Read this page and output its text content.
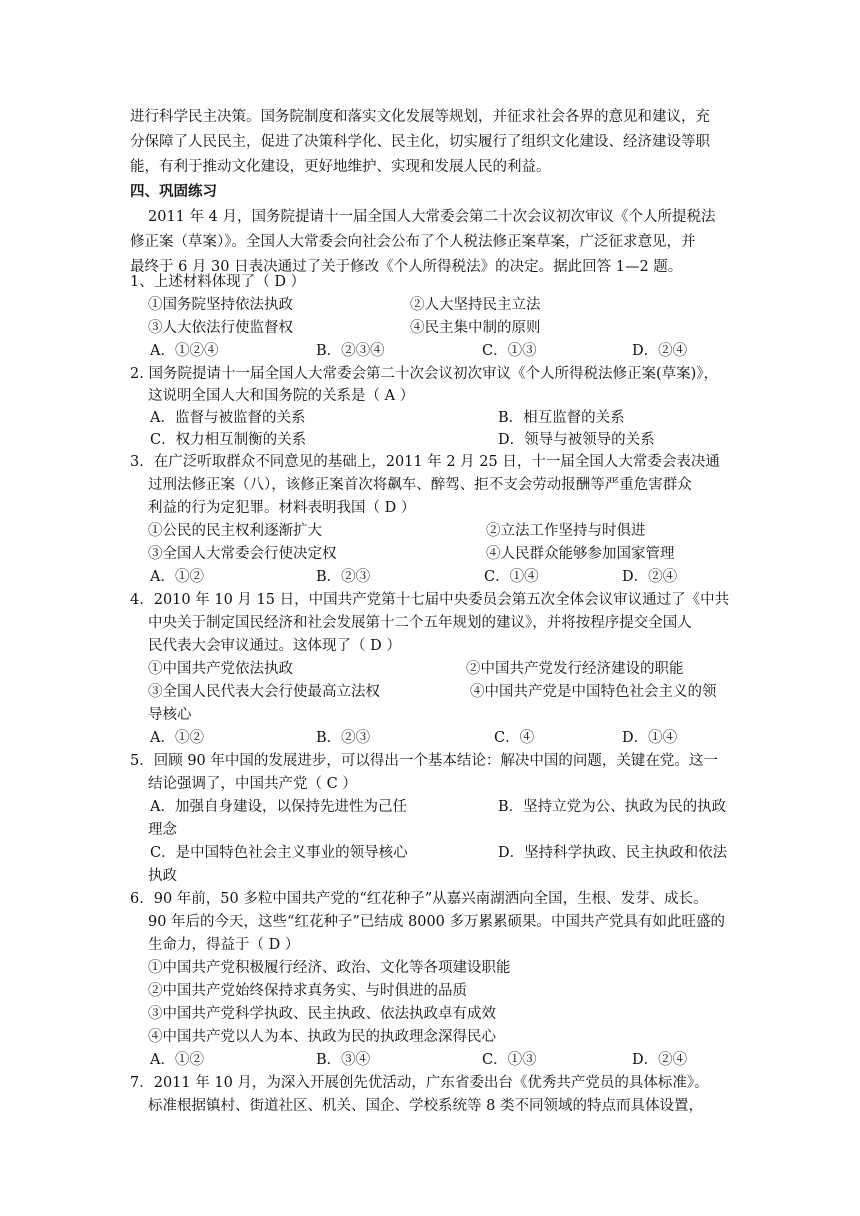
进行科学民主决策。国务院制度和落实文化发展等规划，并征求社会各界的意见和建议，充
分保障了人民民主，促进了决策科学化、民主化，切实履行了组织文化建设、经济建设等职
能，有利于推动文化建设，更好地维护、实现和发展人民的利益。
四、巩固练习
2011 年 4 月，国务院提请十一届全国人大常委会第二十次会议初次审议《个人所提税法
修正案（草案）》。全国人大常委会向社会公布了个人税法修正案草案，广泛征求意见，并
最终于 6 月 30 日表决通过了关于修改《个人所得税法》的决定。据此回答 1—2 题。
1、上述材料体现了（ D ）
①国务院坚持依法执政	②人大坚持民主立法
③人大依法行使监督权	④民主集中制的原则
A．①②④	B．②③④	C．①③	D．②④
2. 国务院提请十一届全国人大常委会第二十次会议初次审议《个人所得税法修正案(草案)》，
这说明全国人大和国务院的关系是（ A ）
A．监督与被监督的关系	B．相互监督的关系
C．权力相互制衡的关系	D．领导与被领导的关系
3．在广泛听取群众不同意见的基础上，2011 年 2 月 25 日，十一届全国人大常委会表决通
过刑法修正案（八），该修正案首次将飙车、醉驾、拒不支会劳动报酬等严重危害群众
利益的行为定犯罪。材料表明我国（ D ）
①公民的民主权利逐渐扩大	②立法工作坚持与时俱进
③全国人大常委会行使决定权	④人民群众能够参加国家管理
A．①②	B．②③	C．①④	D．②④
4．2010 年 10 月 15 日，中国共产党第十七届中央委员会第五次全体会议审议通过了《中共
中央关于制定国民经济和社会发展第十二个五年规划的建议》，并将按程序提交全国人
民代表大会审议通过。这体现了（ D ）
①中国共产党依法执政	②中国共产党发行经济建设的职能
③全国人民代表大会行使最高立法权	④中国共产党是中国特色社会主义的领
导核心
A．①②	B．②③	C．④	D．①④
5．回顾 90 年中国的发展进步，可以得出一个基本结论：解决中国的问题，关键在党。这一
结论强调了，中国共产党（ C ）
A．加强自身建设，以保持先进性为己任	B．坚持立党为公、执政为民的执政
理念
C．是中国特色社会主义事业的领导核心	D．坚持科学执政、民主执政和依法
执政
6．90 年前，50 多粒中国共产党的“红花种子”从嘉兴南湖洒向全国，生根、发芽、成长。
90 年后的今天，这些“红花种子”已结成 8000 多万累累硕果。中国共产党具有如此旺盛的
生命力，得益于（ D ）
①中国共产党积极履行经济、政治、文化等各项建设职能
②中国共产党始终保持求真务实、与时俱进的品质
③中国共产党科学执政、民主执政、依法执政卓有成效
④中国共产党以人为本、执政为民的执政理念深得民心
A．①②	B．③④	C．①③	D．②④
7．2011 年 10 月，为深入开展创先优活动，广东省委出台《优秀共产党员的具体标准》。
标准根据镇村、街道社区、机关、国企、学校系统等 8 类不同领域的特点而具体设置，
